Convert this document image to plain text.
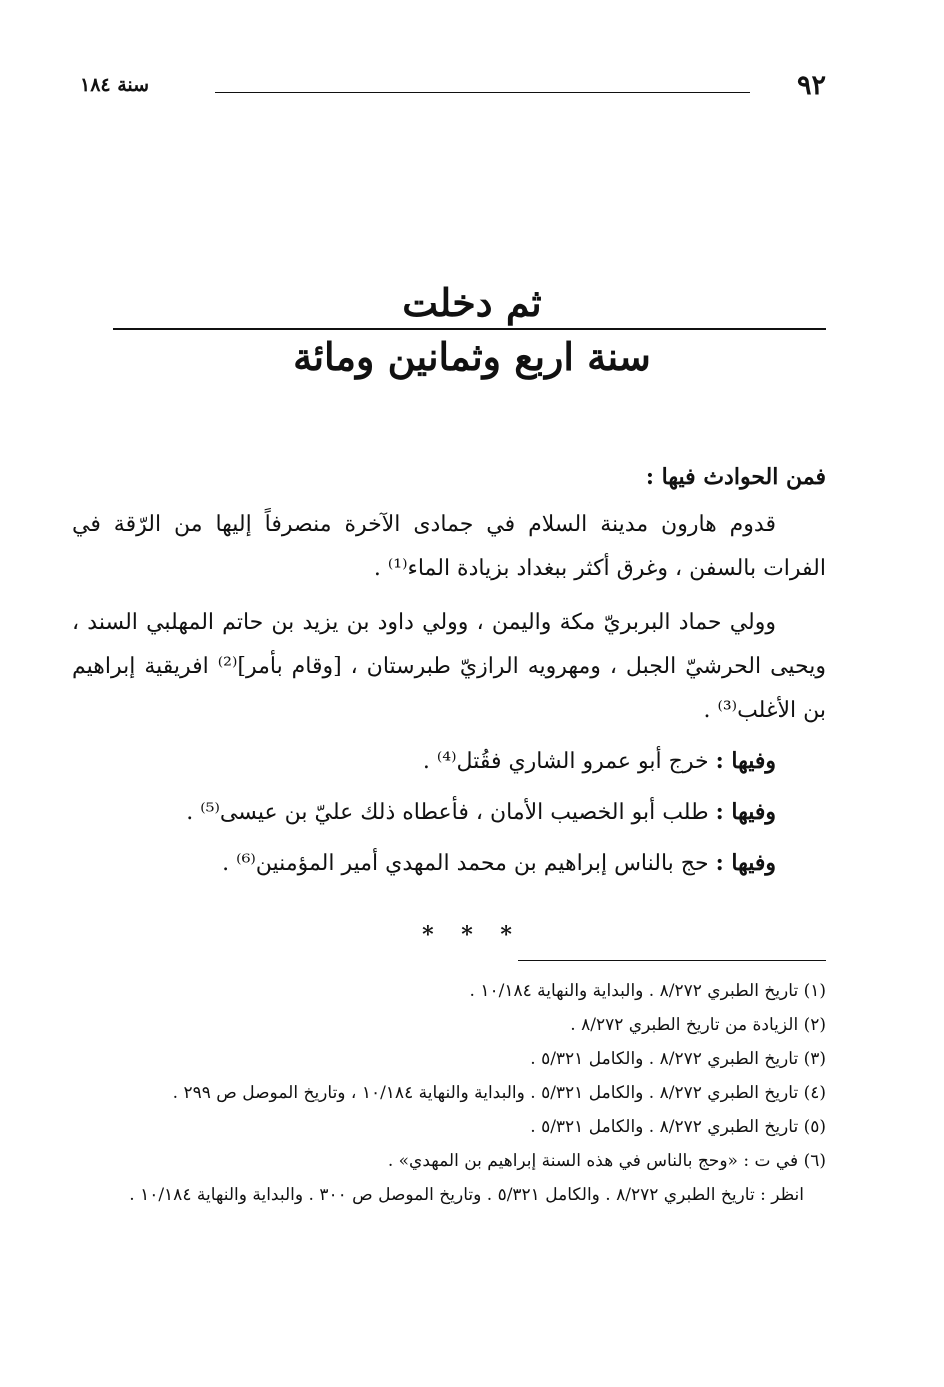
٩٢
سنة ١٨٤
ثم دخلت
سنة اربع وثمانين ومائة

فمن الحوادث فيها :

قدوم هارون مدينة السلام في جمادى الآخرة منصرفاً إليها من الرّقة في الفرات بالسفن ، وغرق أكثر ببغداد بزيادة الماء⁽¹⁾ .

وولي حماد البربريّ مكة واليمن ، وولي داود بن يزيد بن حاتم المهلبي السند ، ويحيى الحرشيّ الجبل ، ومهرويه الرازيّ طبرستان ، [وقام بأمر]⁽²⁾ افريقية إبراهيم بن الأغلب⁽³⁾ .

وفيها : خرج أبو عمرو الشاري فقُتل⁽⁴⁾ .

وفيها : طلب أبو الخصيب الأمان ، فأعطاه ذلك عليّ بن عيسى⁽⁵⁾ .

وفيها : حج بالناس إبراهيم بن محمد المهدي أمير المؤمنين⁽⁶⁾ .

* * *

(١) تاريخ الطبري ٨/٢٧٢ . والبداية والنهاية ١٠/١٨٤ .

(٢) الزيادة من تاريخ الطبري ٨/٢٧٢ .

(٣) تاريخ الطبري ٨/٢٧٢ . والكامل ٥/٣٢١ .

(٤) تاريخ الطبري ٨/٢٧٢ . والكامل ٥/٣٢١ . والبداية والنهاية ١٠/١٨٤ ، وتاريخ الموصل ص ٢٩٩ .

(٥) تاريخ الطبري ٨/٢٧٢ . والكامل ٥/٣٢١ .

(٦) في ت : «وحج بالناس في هذه السنة إبراهيم بن المهدي» .

انظر : تاريخ الطبري ٨/٢٧٢ . والكامل ٥/٣٢١ . وتاريخ الموصل ص ٣٠٠ . والبداية والنهاية ١٠/١٨٤ .
